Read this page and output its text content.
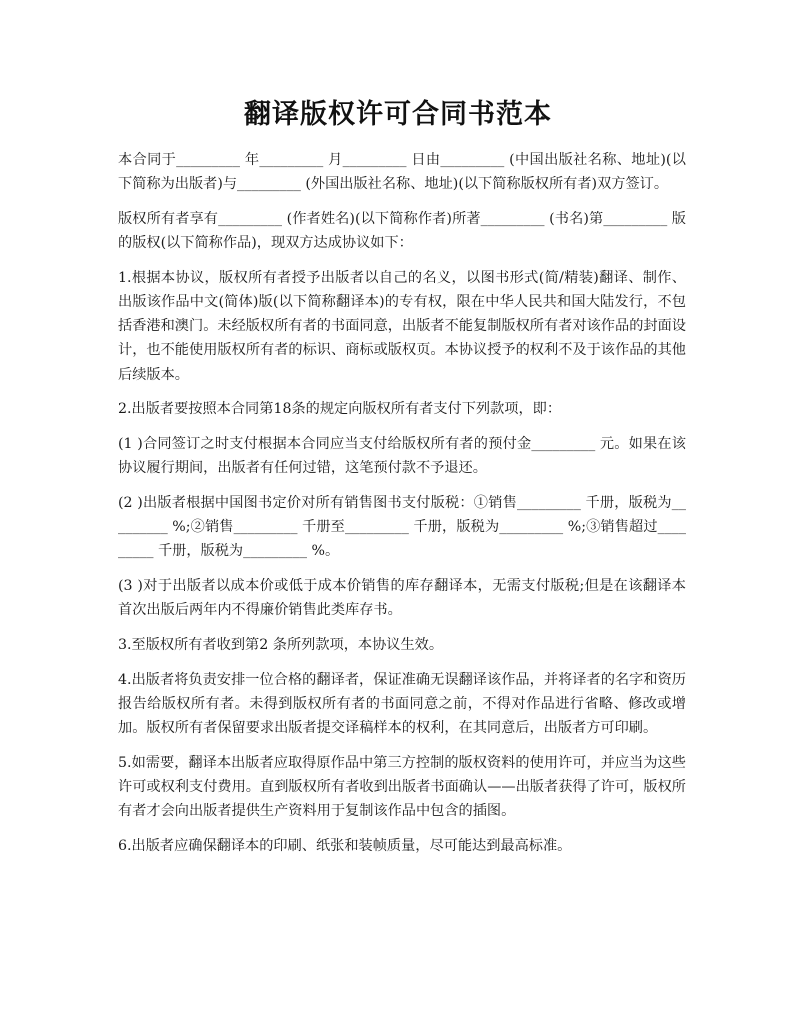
翻译版权许可合同书范本

本合同于_________ 年_________ 月_________ 日由_________ (中国出版社名称、地址)(以下简称为出版者)与_________ (外国出版社名称、地址)(以下简称版权所有者)双方签订。

版权所有者享有_________ (作者姓名)(以下简称作者)所著_________ (书名)第_________ 版的版权(以下简称作品)，现双方达成协议如下：

1.根据本协议，版权所有者授予出版者以自己的名义，以图书形式(简/精装)翻译、制作、出版该作品中文(简体)版(以下简称翻译本)的专有权，限在中华人民共和国大陆发行，不包括香港和澳门。未经版权所有者的书面同意，出版者不能复制版权所有者对该作品的封面设计，也不能使用版权所有者的标识、商标或版权页。本协议授予的权利不及于该作品的其他后续版本。

2.出版者要按照本合同第18条的规定向版权所有者支付下列款项，即：

(1 )合同签订之时支付根据本合同应当支付给版权所有者的预付金_________ 元。如果在该协议履行期间，出版者有任何过错，这笔预付款不予退还。

(2 )出版者根据中国图书定价对所有销售图书支付版税：①销售_________ 千册，版税为_________ %;②销售_________ 千册至_________ 千册，版税为_________ %;③销售超过_________ 千册，版税为_________ %。

(3 )对于出版者以成本价或低于成本价销售的库存翻译本，无需支付版税;但是在该翻译本首次出版后两年内不得廉价销售此类库存书。

3.至版权所有者收到第2 条所列款项，本协议生效。

4.出版者将负责安排一位合格的翻译者，保证准确无误翻译该作品，并将译者的名字和资历报告给版权所有者。未得到版权所有者的书面同意之前，不得对作品进行省略、修改或增加。版权所有者保留要求出版者提交译稿样本的权利，在其同意后，出版者方可印刷。

5.如需要，翻译本出版者应取得原作品中第三方控制的版权资料的使用许可，并应当为这些许可或权利支付费用。直到版权所有者收到出版者书面确认——出版者获得了许可，版权所有者才会向出版者提供生产资料用于复制该作品中包含的插图。

6.出版者应确保翻译本的印刷、纸张和装帧质量，尽可能达到最高标准。
